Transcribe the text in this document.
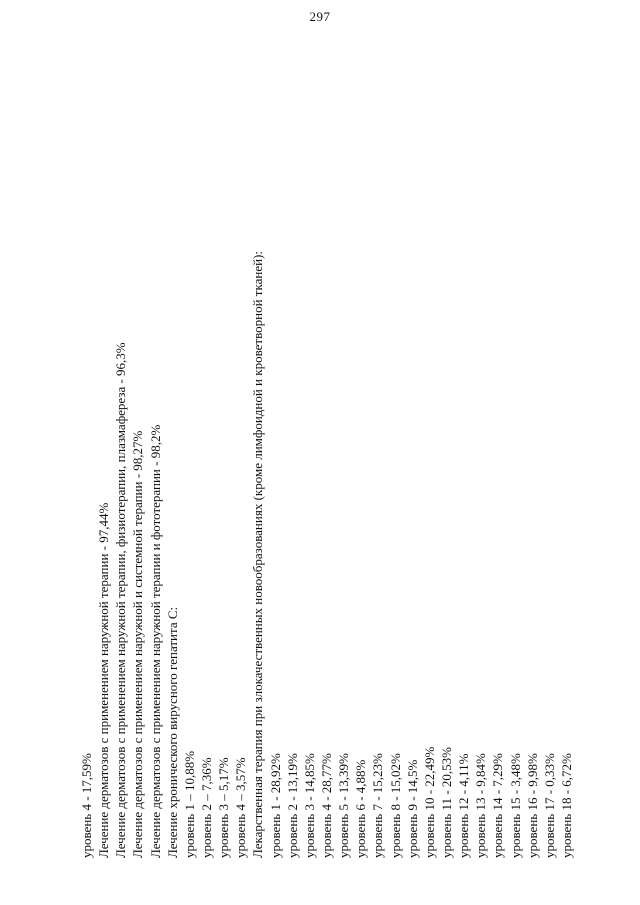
297
уровень 4 - 17,59% Лечение дерматозов с применением наружной терапии - 97,44% Лечение дерматозов с применением наружной терапии, физиотерапии, плазмафереза - 96,3% Лечение дерматозов с применением наружной и системной терапии - 98,27% Лечение дерматозов с применением наружной терапии и фототерапии - 98,2% Лечение хронического вирусного гепатита С: уровень 1 – 10,88% уровень 2 – 7,36% уровень 3 – 5,17% уровень 4 – 3,57% Лекарственная терапия при злокачественных новообразованиях (кроме лимфоидной и кроветворной тканей): уровень 1 - 28,92% уровень 2 - 13,19% уровень 3 - 14,85% уровень 4 - 28,77% уровень 5 - 13,39% уровень 6 - 4,88% уровень 7 - 15,23% уровень 8 - 15,02% уровень 9 - 14,5% уровень 10 - 22,49% уровень 11 - 20,53% уровень 12 - 4,11% уровень 13 - 9,84% уровень 14 - 7,29% уровень 15 - 3,48% уровень 16 - 9,98% уровень 17 - 0,33% уровень 18 - 6,72%
